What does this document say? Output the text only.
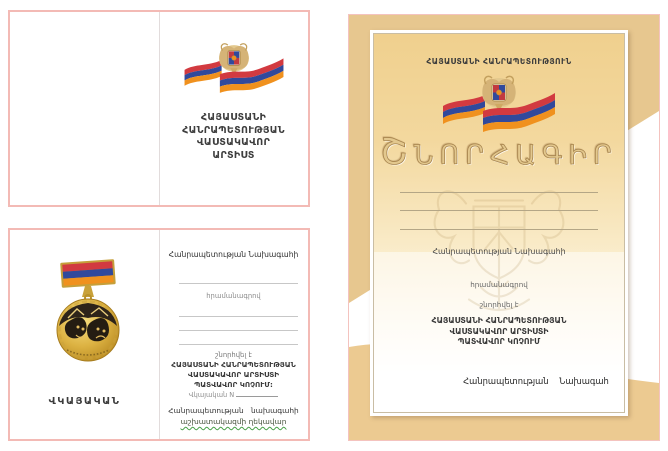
ՀԱՅԱՍՏԱՆԻ
ՀԱՆՐԱՊԵՏՈՒԹՅԱՆ
ՎԱՍՏԱԿԱՎՈՐ
ԱՐՏԻՍՏ
ՎԿԱՅԱԿԱՆ
Հանրապետության Նախագահի
հրամանագրով
շնորհվել է
ՀԱՅԱՍՏԱՆԻ ՀԱՆՐԱՊԵՏՈՒԹՅԱՆ
ՎԱՍՏԱԿԱՎՈՐ ԱՐՏԻՍՏԻ
ՊԱՏՎԱՎՈՐ ԿՈՉՈՒՄ:
Վկայական N
Հանրապետության նախագահի
աշխատակազմի ղեկավար
ՀԱՅԱՍՏԱՆԻ ՀԱՆՐԱՊԵՏՈՒԹՅՈՒՆ
ՇՆՈՐՀԱԳԻՐ
Հանրապետության Նախագահի
հրամանագրով
շնորհվել է
ՀԱՅԱՍՏԱՆԻ ՀԱՆՐԱՊԵՏՈՒԹՅԱՆ
ՎԱՍՏԱԿԱՎՈՐ ԱՐՏԻՍՏԻ
ՊԱՏՎԱՎՈՐ ԿՈՉՈՒՄ
Հանրապետության Նախագահ
